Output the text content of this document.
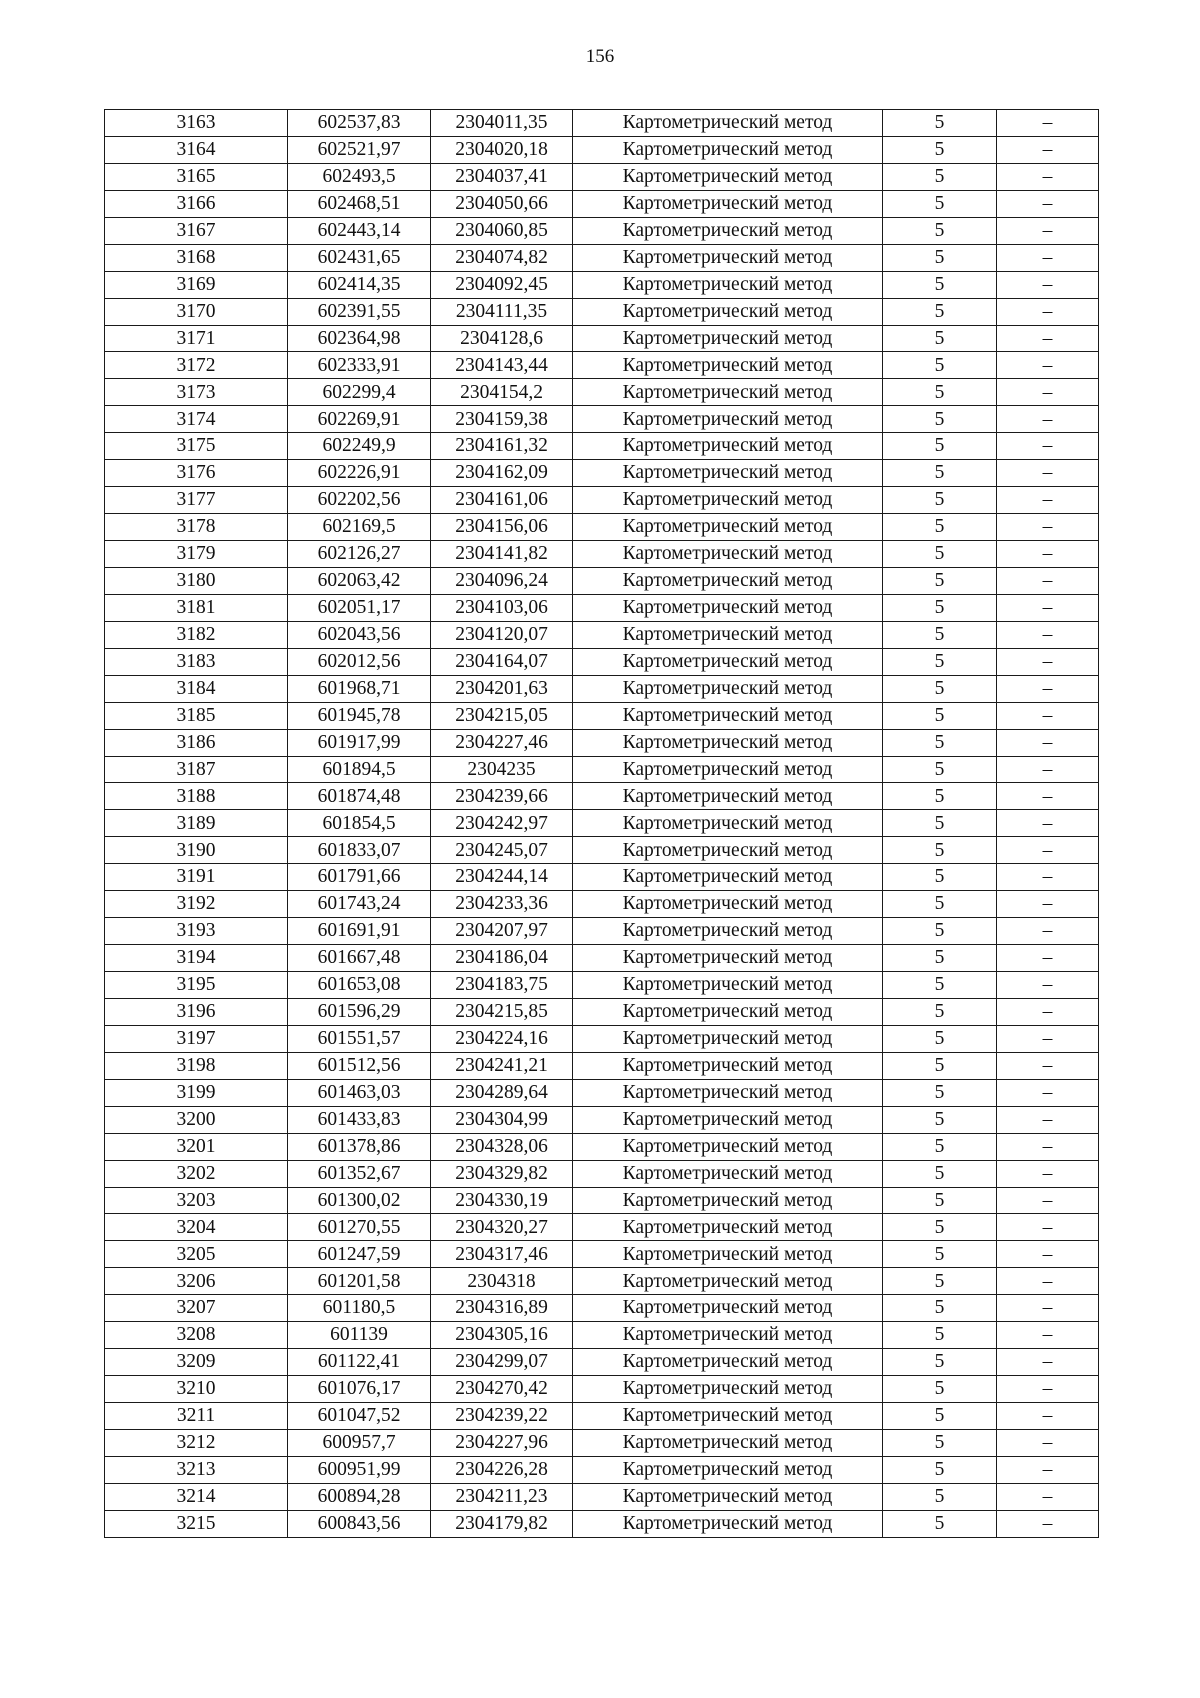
156
3163	602537,83	2304011,35	Картометрический метод	5	–
3164	602521,97	2304020,18	Картометрический метод	5	–
3165	602493,5	2304037,41	Картометрический метод	5	–
3166	602468,51	2304050,66	Картометрический метод	5	–
3167	602443,14	2304060,85	Картометрический метод	5	–
3168	602431,65	2304074,82	Картометрический метод	5	–
3169	602414,35	2304092,45	Картометрический метод	5	–
3170	602391,55	2304111,35	Картометрический метод	5	–
3171	602364,98	2304128,6	Картометрический метод	5	–
3172	602333,91	2304143,44	Картометрический метод	5	–
3173	602299,4	2304154,2	Картометрический метод	5	–
3174	602269,91	2304159,38	Картометрический метод	5	–
3175	602249,9	2304161,32	Картометрический метод	5	–
3176	602226,91	2304162,09	Картометрический метод	5	–
3177	602202,56	2304161,06	Картометрический метод	5	–
3178	602169,5	2304156,06	Картометрический метод	5	–
3179	602126,27	2304141,82	Картометрический метод	5	–
3180	602063,42	2304096,24	Картометрический метод	5	–
3181	602051,17	2304103,06	Картометрический метод	5	–
3182	602043,56	2304120,07	Картометрический метод	5	–
3183	602012,56	2304164,07	Картометрический метод	5	–
3184	601968,71	2304201,63	Картометрический метод	5	–
3185	601945,78	2304215,05	Картометрический метод	5	–
3186	601917,99	2304227,46	Картометрический метод	5	–
3187	601894,5	2304235	Картометрический метод	5	–
3188	601874,48	2304239,66	Картометрический метод	5	–
3189	601854,5	2304242,97	Картометрический метод	5	–
3190	601833,07	2304245,07	Картометрический метод	5	–
3191	601791,66	2304244,14	Картометрический метод	5	–
3192	601743,24	2304233,36	Картометрический метод	5	–
3193	601691,91	2304207,97	Картометрический метод	5	–
3194	601667,48	2304186,04	Картометрический метод	5	–
3195	601653,08	2304183,75	Картометрический метод	5	–
3196	601596,29	2304215,85	Картометрический метод	5	–
3197	601551,57	2304224,16	Картометрический метод	5	–
3198	601512,56	2304241,21	Картометрический метод	5	–
3199	601463,03	2304289,64	Картометрический метод	5	–
3200	601433,83	2304304,99	Картометрический метод	5	–
3201	601378,86	2304328,06	Картометрический метод	5	–
3202	601352,67	2304329,82	Картометрический метод	5	–
3203	601300,02	2304330,19	Картометрический метод	5	–
3204	601270,55	2304320,27	Картометрический метод	5	–
3205	601247,59	2304317,46	Картометрический метод	5	–
3206	601201,58	2304318	Картометрический метод	5	–
3207	601180,5	2304316,89	Картометрический метод	5	–
3208	601139	2304305,16	Картометрический метод	5	–
3209	601122,41	2304299,07	Картометрический метод	5	–
3210	601076,17	2304270,42	Картометрический метод	5	–
3211	601047,52	2304239,22	Картометрический метод	5	–
3212	600957,7	2304227,96	Картометрический метод	5	–
3213	600951,99	2304226,28	Картометрический метод	5	–
3214	600894,28	2304211,23	Картометрический метод	5	–
3215	600843,56	2304179,82	Картометрический метод	5	–
